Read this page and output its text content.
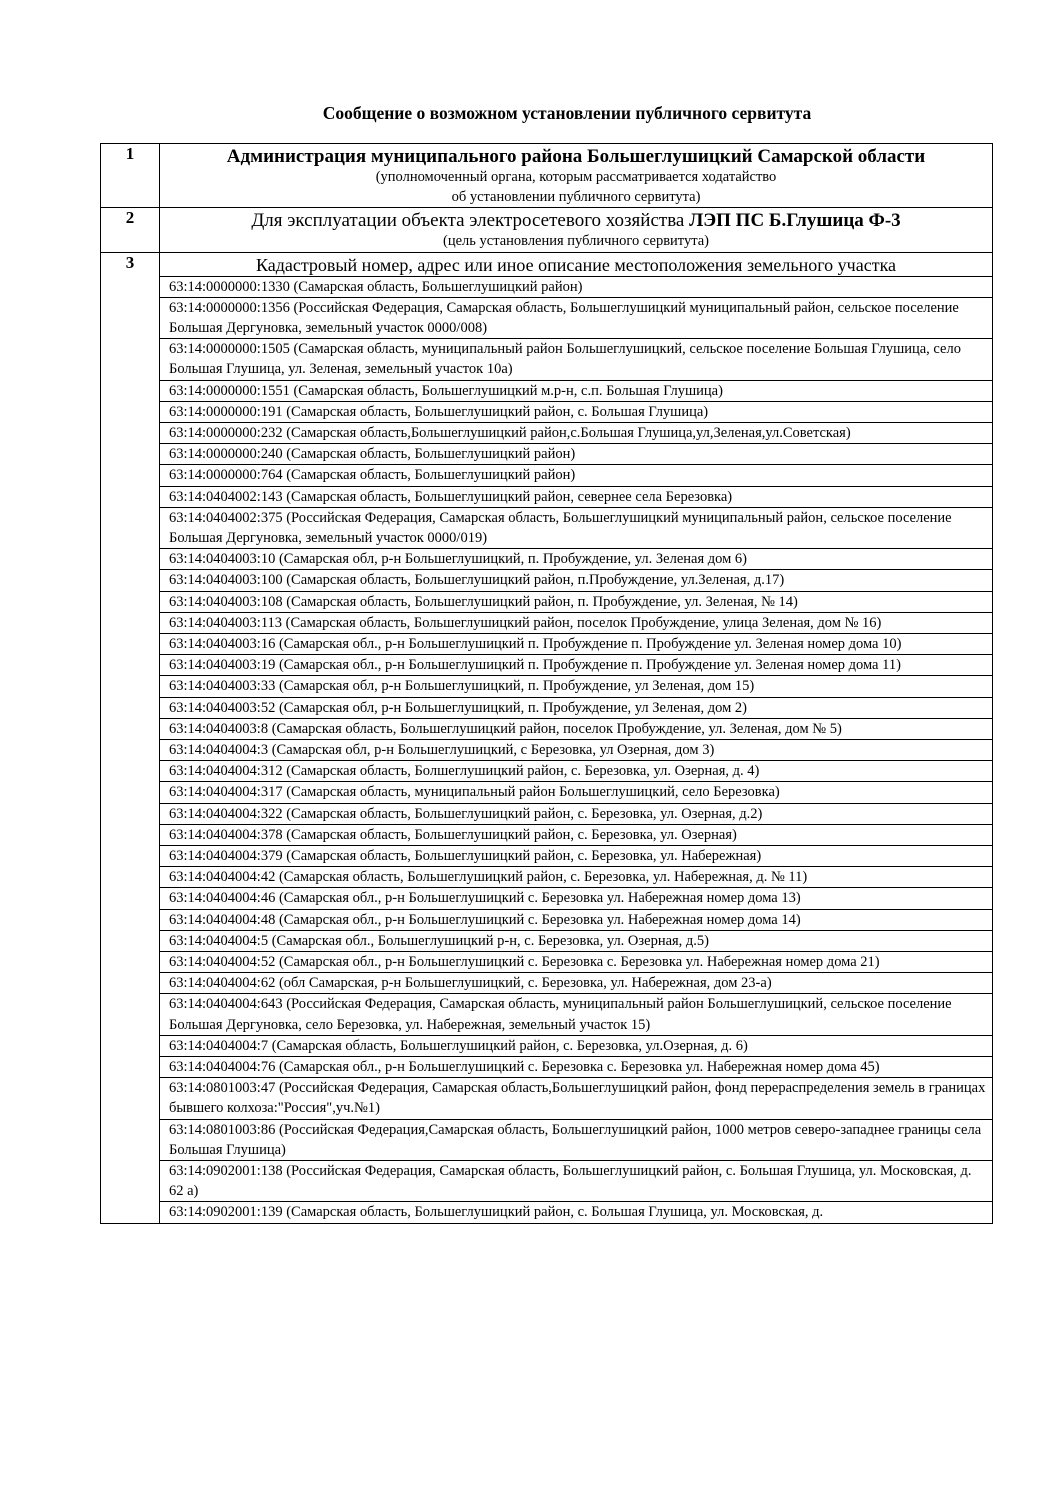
Сообщение о возможном установлении публичного сервитута
1	Администрация муниципального района Большеглушицкий Самарской области
(уполномоченный органа, которым рассматривается ходатайство
об установлении публичного сервитута)

2	Для эксплуатации объекта электросетевого хозяйства ЛЭП ПС Б.Глушица Ф-3
(цель установления публичного сервитута)

3	Кадастровый номер, адрес или иное описание местоположения земельного участка
63:14:0000000:1330 (Самарская область, Большеглушицкий район)
63:14:0000000:1356 (Российская Федерация, Самарская область, Большеглушицкий муниципальный район, сельское поселение Большая Дергуновка, земельный участок 0000/008)
63:14:0000000:1505 (Самарская область, муниципальный район Большеглушицкий, сельское поселение Большая Глушица, село Большая Глушица, ул. Зеленая, земельный участок 10а)
63:14:0000000:1551 (Самарская область, Большеглушицкий м.р-н, с.п. Большая Глушица)
63:14:0000000:191 (Самарская область, Большеглушицкий район, с. Большая Глушица)
63:14:0000000:232 (Самарская область,Большеглушицкий район,с.Большая Глушица,ул,Зеленая,ул.Советская)
63:14:0000000:240 (Самарская область, Большеглушицкий район)
63:14:0000000:764 (Самарская область, Большеглушицкий район)
63:14:0404002:143 (Самарская область, Большеглушицкий район, севернее села Березовка)
63:14:0404002:375 (Российская Федерация, Самарская область, Большеглушицкий муниципальный район, сельское поселение Большая Дергуновка, земельный участок 0000/019)
63:14:0404003:10 (Самарская обл, р-н Большеглушицкий, п. Пробуждение, ул. Зеленая дом 6)
63:14:0404003:100 (Самарская область, Большеглушицкий район, п.Пробуждение, ул.Зеленая, д.17)
63:14:0404003:108 (Самарская область, Большеглушицкий район, п. Пробуждение, ул. Зеленая, № 14)
63:14:0404003:113 (Самарская область, Большеглушицкий район, поселок Пробуждение, улица Зеленая, дом № 16)
63:14:0404003:16 (Самарская обл., р-н Большеглушицкий п. Пробуждение п. Пробуждение ул. Зеленая номер дома 10)
63:14:0404003:19 (Самарская обл., р-н Большеглушицкий п. Пробуждение п. Пробуждение ул. Зеленая номер дома 11)
63:14:0404003:33 (Самарская обл, р-н Большеглушицкий, п. Пробуждение, ул Зеленая, дом 15)
63:14:0404003:52 (Самарская обл, р-н Большеглушицкий, п. Пробуждение, ул Зеленая, дом 2)
63:14:0404003:8 (Самарская область, Большеглушицкий район, поселок Пробуждение, ул. Зеленая, дом № 5)
63:14:0404004:3 (Самарская обл, р-н Большеглушицкий, с Березовка, ул Озерная, дом 3)
63:14:0404004:312 (Самарская область, Болшеглушицкий район, с. Березовка, ул. Озерная, д. 4)
63:14:0404004:317 (Самарская область, муниципальный район Большеглушицкий, село Березовка)
63:14:0404004:322 (Самарская область, Большеглушицкий район, с. Березовка, ул. Озерная, д.2)
63:14:0404004:378 (Самарская область, Большеглушицкий район, с. Березовка, ул. Озерная)
63:14:0404004:379 (Самарская область, Большеглушицкий район, с. Березовка, ул. Набережная)
63:14:0404004:42 (Самарская область, Большеглушицкий район, с. Березовка, ул. Набережная, д. № 11)
63:14:0404004:46 (Самарская обл., р-н Большеглушицкий с. Березовка ул. Набережная номер дома 13)
63:14:0404004:48 (Самарская обл., р-н Большеглушицкий с. Березовка ул. Набережная номер дома 14)
63:14:0404004:5 (Самарская обл., Большеглушицкий р-н, с. Березовка, ул. Озерная, д.5)
63:14:0404004:52 (Самарская обл., р-н Большеглушицкий с. Березовка с. Березовка ул. Набережная номер дома 21)
63:14:0404004:62 (обл Самарская, р-н Большеглушицкий, с. Березовка, ул. Набережная, дом 23-а)
63:14:0404004:643 (Российская Федерация, Самарская область, муниципальный район Большеглушицкий, сельское поселение Большая Дергуновка, село Березовка, ул. Набережная, земельный участок 15)
63:14:0404004:7 (Самарская область, Большеглушицкий район, с. Березовка, ул.Озерная, д. 6)
63:14:0404004:76 (Самарская обл., р-н Большеглушицкий с. Березовка с. Березовка ул. Набережная номер дома 45)
63:14:0801003:47 (Российская Федерация, Самарская область,Большеглушицкий район, фонд перераспределения земель в границах бывшего колхоза:"Россия",уч.№1)
63:14:0801003:86 (Российская Федерация,Самарская область, Большеглушицкий район, 1000 метров северо-западнее границы села Большая Глушица)
63:14:0902001:138 (Российская Федерация, Самарская область, Большеглушицкий район, с. Большая Глушица, ул. Московская, д. 62 а)
63:14:0902001:139 (Самарская область, Большеглушицкий район, с. Большая Глушица, ул. Московская, д.
